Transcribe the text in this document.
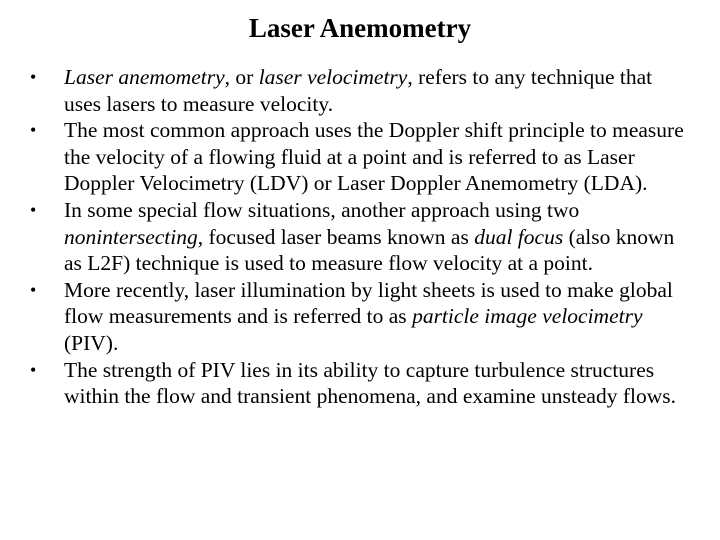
Laser Anemometry
• Laser anemometry, or laser velocimetry, refers to any technique that uses lasers to measure velocity.
• The most common approach uses the Doppler shift principle to measure the velocity of a flowing fluid at a point and is referred to as Laser Doppler Velocimetry (LDV) or Laser Doppler Anemometry (LDA).
• In some special flow situations, another approach using two nonintersecting, focused laser beams known as dual focus (also known as L2F) technique is used to measure flow velocity at a point.
• More recently, laser illumination by light sheets is used to make global flow measurements and is referred to as particle image velocimetry (PIV).
• The strength of PIV lies in its ability to capture turbulence structures within the flow and transient phenomena, and examine unsteady flows.
